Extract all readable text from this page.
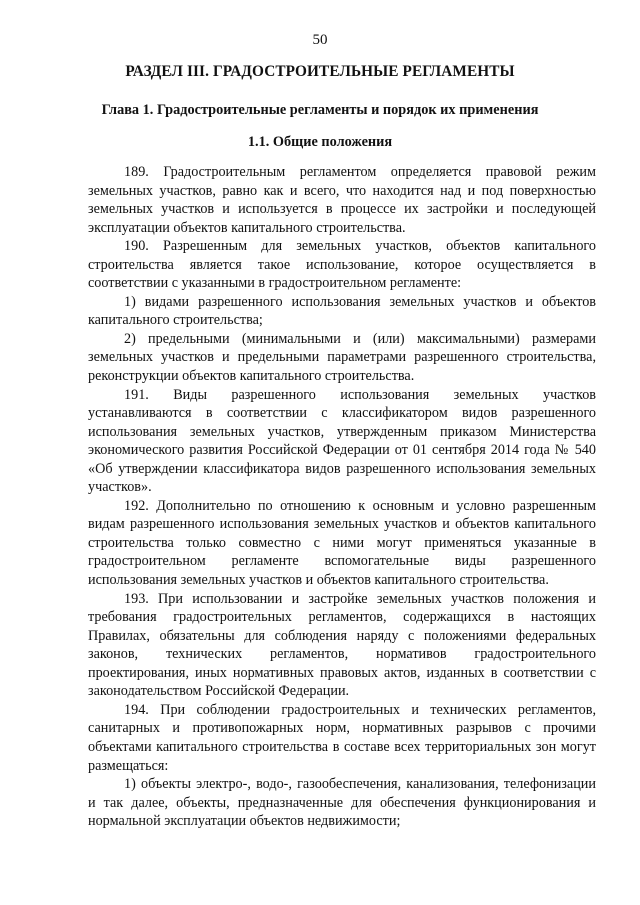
50
РАЗДЕЛ III. ГРАДОСТРОИТЕЛЬНЫЕ РЕГЛАМЕНТЫ
Глава 1. Градостроительные регламенты и порядок их применения
1.1. Общие положения

189. Градостроительным регламентом определяется правовой режим земельных участков, равно как и всего, что находится над и под поверхностью земельных участков и используется в процессе их застройки и последующей эксплуатации объектов капитального строительства.

190. Разрешенным для земельных участков, объектов капитального строительства является такое использование, которое осуществляется в соответствии с указанными в градостроительном регламенте:

1) видами разрешенного использования земельных участков и объектов капитального строительства;

2) предельными (минимальными и (или) максимальными) размерами земельных участков и предельными параметрами разрешенного строительства, реконструкции объектов капитального строительства.

191. Виды разрешенного использования земельных участков устанавливаются в соответствии с классификатором видов разрешенного использования земельных участков, утвержденным приказом Министерства экономического развития Российской Федерации от 01 сентября 2014 года № 540 «Об утверждении классификатора видов разрешенного использования земельных участков».

192. Дополнительно по отношению к основным и условно разрешенным видам разрешенного использования земельных участков и объектов капитального строительства только совместно с ними могут применяться указанные в градостроительном регламенте вспомогательные виды разрешенного использования земельных участков и объектов капитального строительства.

193. При использовании и застройке земельных участков положения и требования градостроительных регламентов, содержащихся в настоящих Правилах, обязательны для соблюдения наряду с положениями федеральных законов, технических регламентов, нормативов градостроительного проектирования, иных нормативных правовых актов, изданных в соответствии с законодательством Российской Федерации.

194. При соблюдении градостроительных и технических регламентов, санитарных и противопожарных норм, нормативных разрывов с прочими объектами капитального строительства в составе всех территориальных зон могут размещаться:

1) объекты электро-, водо-, газообеспечения, канализования, телефонизации и так далее, объекты, предназначенные для обеспечения функционирования и нормальной эксплуатации объектов недвижимости;
